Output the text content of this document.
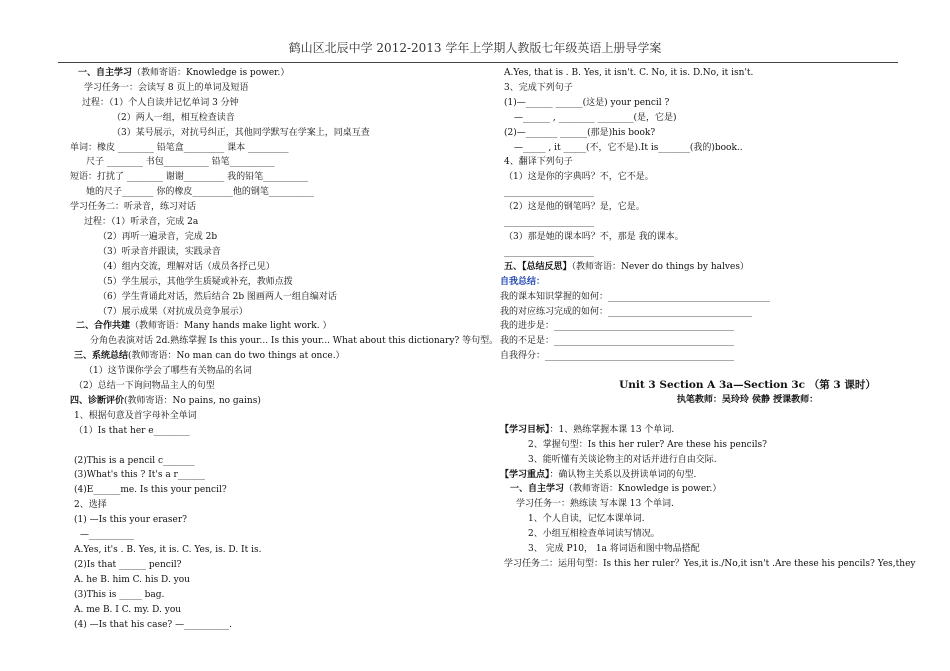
鹤山区北辰中学 2012-2013 学年上学期人教版七年级英语上册导学案
一、自主学习（教师寄语：Knowledge is power.）
学习任务一：会读写 8 页上的单词及短语
过程：（1）个人自读并记忆单词 3 分钟
（2）两人一组，相互检查读音
（3）某号展示，对抗号纠正，其他同学默写在学案上，同桌互查
单词：橡皮 ________ 铅笔盒_________ 课本 _________
尺子 ________ 书包__________ 铅笔__________
短语：打扰了 ________ 谢谢_________ 我的铅笔__________
她的尺子_______ 你的橡皮_________他的钢笔__________
学习任务二：听录音，练习对话
过程：（1）听录音，完成 2a
（2）再听一遍录音，完成 2b
（3）听录音并跟读，实践录音
（4）组内交流，理解对话（成员各抒己见）
（5）学生展示，其他学生质疑或补充，教师点拨
（6）学生背诵此对话，然后结合 2b 图画两人一组自编对话
（7）展示成果（对抗成员竞争展示）
二、合作共建（教师寄语：Many hands make light work. ）
分角色表演对话 2d.熟练掌握 Is this your... Is this your... What about this dictionary? 等句型。
三、系统总结(教师寄语：No man can do two things at once.）
（1）这节课你学会了哪些有关物品的名词
（2）总结一下询问物品主人的句型
四、诊断评价(教师寄语：No pains, no gains)
1、根据句意及首字母补全单词
（1）Is that her e________
(2)This is a pencil c_______
(3)What's this ? It's a r______
(4)E______me. Is this your pencil?
2、选择
(1) —Is this your eraser?
—__________
A.Yes, it's . B. Yes, it is. C. Yes, is. D. It is.
(2)Is that ______ pencil?
A. he B. him C. his D. you
(3)This is _____ bag.
A. me B. I C. my. D. you
(4) —Is that his case? —__________.
A.Yes, that is . B. Yes, it isn't. C. No, it is. D.No, it isn't.
3、完成下列句子
(1)—______ ______(这是) your pencil ?
—______ , ________ ________(是，它是)
(2)—_______ ______(那是)his book?
—_____ , it _____(不，它不是).It is_______(我的)book..
4、翻译下列句子
（1）这是你的字典吗？不，它不是。
____________________
（2）这是他的钢笔吗？是，它是。
____________________
（3）那是她的课本吗？不，那是 我的课本。
____________________
五、【总结反思】（教师寄语：Never do things by halves）
自我总结：
我的课本知识掌握的如何：____________________________________
我的对应练习完成的如何：________________________________
我的进步是：________________________________________
我的不足是：________________________________________
自我得分：__________________________________________
Unit 3 Section A 3a—Section 3c （第 3 课时）
执笔教师：吴玲玲 侯静 授课教师：
【学习目标】：1、熟练掌握本课 13 个单词.
2、掌握句型：Is this her ruler? Are these his pencils?
3、能听懂有关谈论物主的对话并进行自由交际.
【学习重点】：确认物主关系以及拼读单词的句型.
一、自主学习（教师寄语：Knowledge is power.）
学习任务一：熟练读 写本课 13 个单词.
1、个人自读，记忆本课单词.
2、小组互相检查单词读写情况。
3、 完成 P10， 1a 将词语和图中物品搭配
学习任务二：运用句型：Is this her ruler？Yes,it is./No,it isn't .Are these his pencils? Yes,they
